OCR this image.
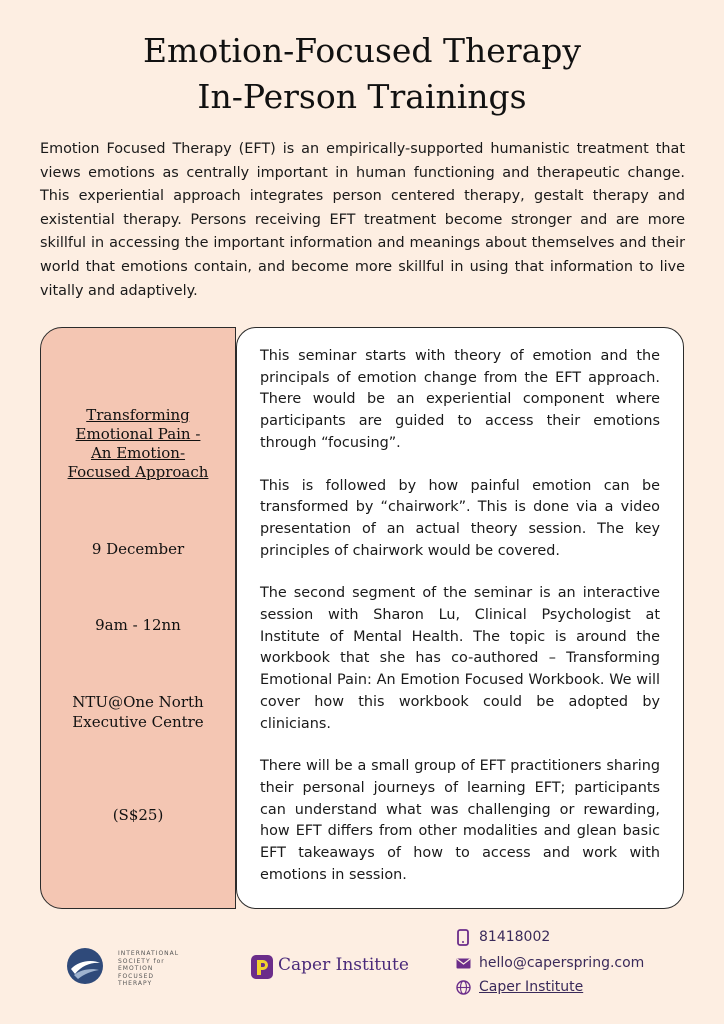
Emotion-Focused Therapy
In-Person Trainings
Emotion Focused Therapy (EFT) is an empirically-supported humanistic treatment that views emotions as centrally important in human functioning and therapeutic change. This experiential approach integrates person centered therapy, gestalt therapy and existential therapy. Persons receiving EFT treatment become stronger and are more skillful in accessing the important information and meanings about themselves and their world that emotions contain, and become more skillful in using that information to live vitally and adaptively.
Transforming
Emotional Pain -
An Emotion-
Focused Approach
9 December
9am - 12nn
NTU@One North
Executive Centre
(S$25)

This seminar starts with theory of emotion and the principals of emotion change from the EFT approach. There would be an experiential component where participants are guided to access their emotions through “focusing”.

This is followed by how painful emotion can be transformed by “chairwork”. This is done via a video presentation of an actual theory session. The key principles of chairwork would be covered.

The second segment of the seminar is an interactive session with Sharon Lu, Clinical Psychologist at Institute of Mental Health. The topic is around the workbook that she has co-authored – Transforming Emotional Pain: An Emotion Focused Workbook. We will cover how this workbook could be adopted by clinicians.

There will be a small group of EFT practitioners sharing their personal journeys of learning EFT; participants can understand what was challenging or rewarding, how EFT differs from other modalities and glean basic EFT takeaways of how to access and work with emotions in session.

INTERNATIONAL
SOCIETY for
EMOTION
FOCUSED
THERAPY
Caper Institute
81418002
hello@caperspring.com
Caper Institute
